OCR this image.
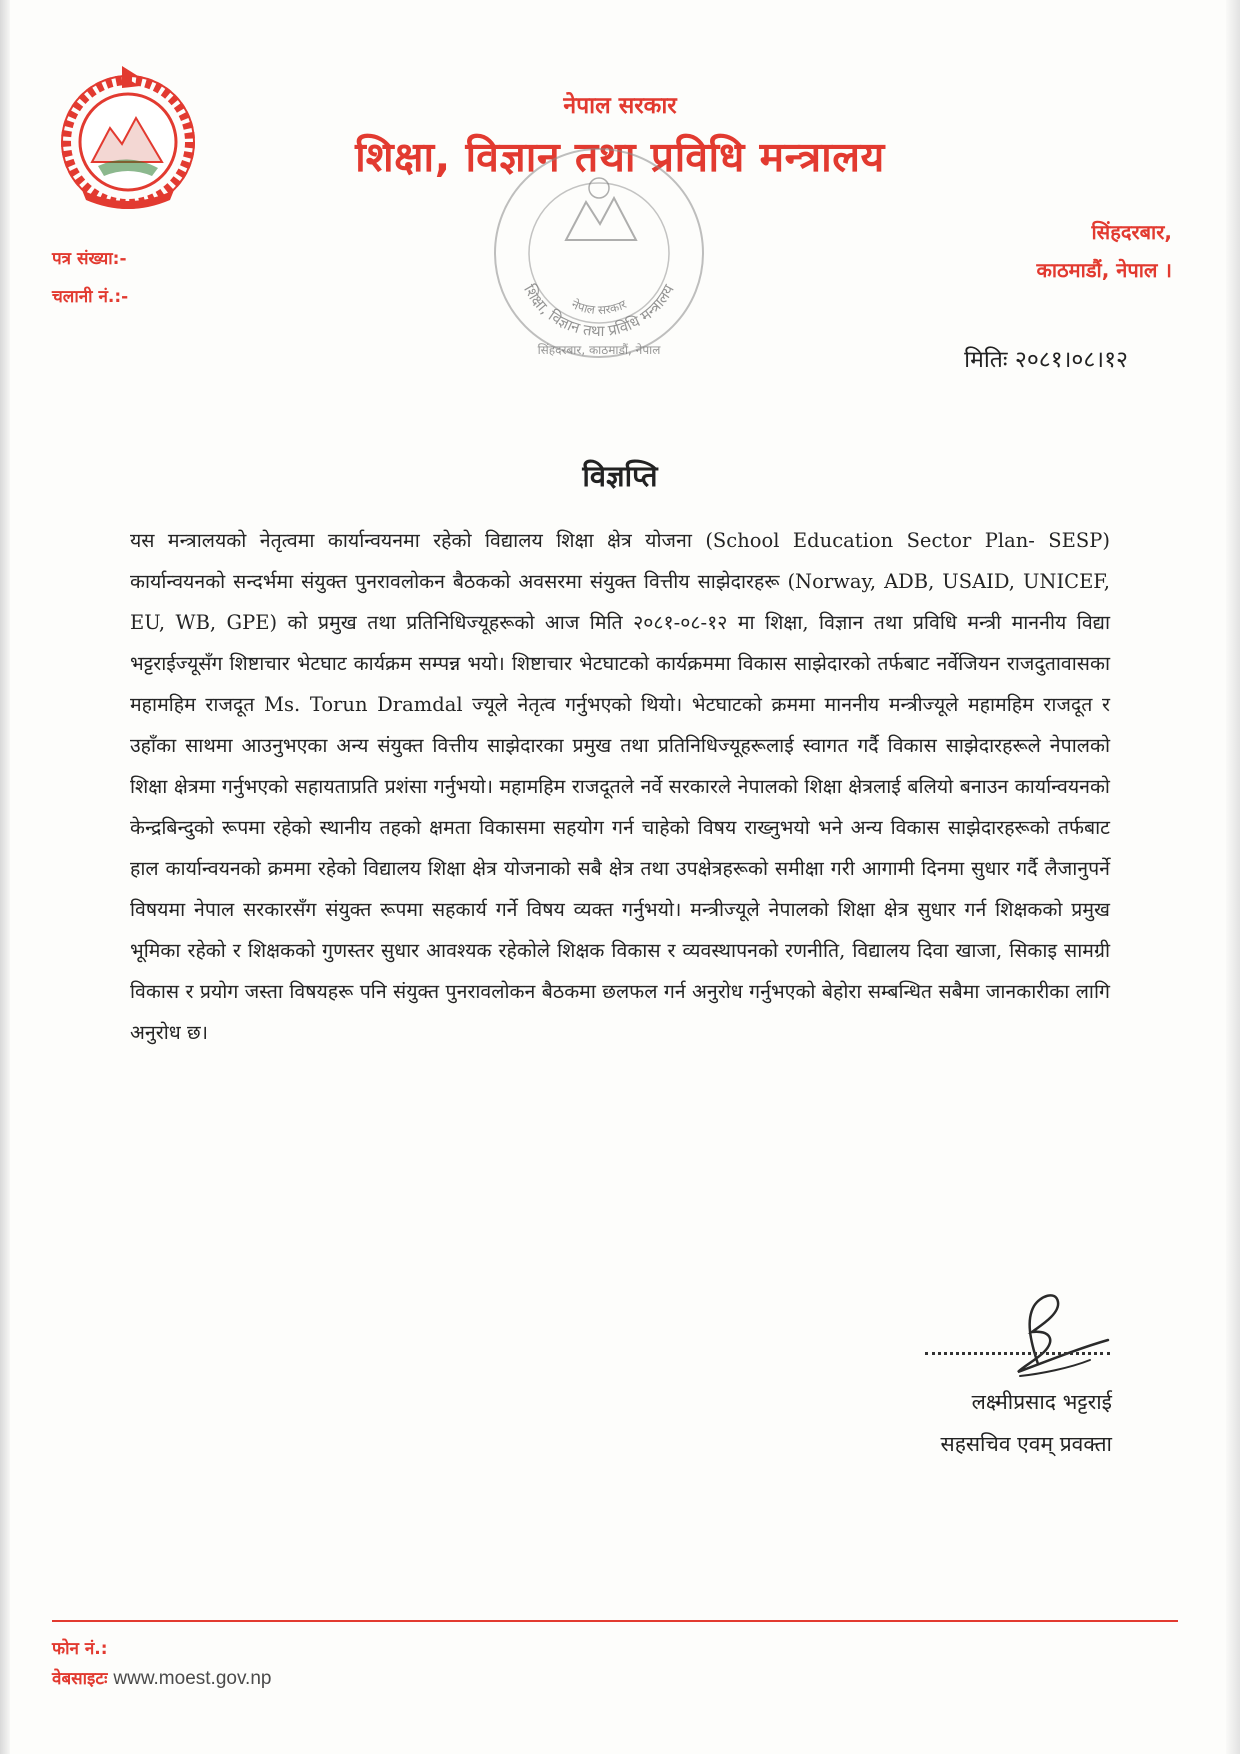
नेपाल सरकार
शिक्षा, विज्ञान तथा प्रविधि मन्त्रालय
पत्र संख्या:-
चलानी नं.:-
सिंहदरबार,
काठमाडौं, नेपाल ।
शिक्षा, विज्ञान तथा प्रविधि मन्त्रालय
नेपाल सरकार
सिंहदरबार, काठमाडौं, नेपाल	मितिः २०८१।०८।१२
विज्ञप्ति
यस मन्त्रालयको नेतृत्वमा कार्यान्वयनमा रहेको विद्यालय शिक्षा क्षेत्र योजना (School Education Sector Plan- SESP) कार्यान्वयनको सन्दर्भमा संयुक्त पुनरावलोकन बैठकको अवसरमा संयुक्त वित्तीय साझेदारहरू (Norway, ADB, USAID, UNICEF, EU, WB, GPE) को प्रमुख तथा प्रतिनिधिज्यूहरूको आज मिति २०८१-०८-१२ मा शिक्षा, विज्ञान तथा प्रविधि मन्त्री माननीय विद्या भट्टराईज्यूसँग शिष्टाचार भेटघाट कार्यक्रम सम्पन्न भयो। शिष्टाचार भेटघाटको कार्यक्रममा विकास साझेदारको तर्फबाट नर्वेजियन राजदुतावासका महामहिम राजदूत Ms. Torun Dramdal ज्यूले नेतृत्व गर्नुभएको थियो। भेटघाटको क्रममा माननीय मन्त्रीज्यूले महामहिम राजदूत र उहाँका साथमा आउनुभएका अन्य संयुक्त वित्तीय साझेदारका प्रमुख तथा प्रतिनिधिज्यूहरूलाई स्वागत गर्दै विकास साझेदारहरूले नेपालको शिक्षा क्षेत्रमा गर्नुभएको सहायताप्रति प्रशंसा गर्नुभयो। महामहिम राजदूतले नर्वे सरकारले नेपालको शिक्षा क्षेत्रलाई बलियो बनाउन कार्यान्वयनको केन्द्रबिन्दुको रूपमा रहेको स्थानीय तहको क्षमता विकासमा सहयोग गर्न चाहेको विषय राख्नुभयो भने अन्य विकास साझेदारहरूको तर्फबाट हाल कार्यान्वयनको क्रममा रहेको विद्यालय शिक्षा क्षेत्र योजनाको सबै क्षेत्र तथा उपक्षेत्रहरूको समीक्षा गरी आगामी दिनमा सुधार गर्दै लैजानुपर्ने विषयमा नेपाल सरकारसँग संयुक्त रूपमा सहकार्य गर्ने विषय व्यक्त गर्नुभयो। मन्त्रीज्यूले नेपालको शिक्षा क्षेत्र सुधार गर्न शिक्षकको प्रमुख भूमिका रहेको र शिक्षकको गुणस्तर सुधार आवश्यक रहेकोले शिक्षक विकास र व्यवस्थापनको रणनीति, विद्यालय दिवा खाजा, सिकाइ सामग्री विकास र प्रयोग जस्ता विषयहरू पनि संयुक्त पुनरावलोकन बैठकमा छलफल गर्न अनुरोध गर्नुभएको बेहोरा सम्बन्धित सबैमा जानकारीका लागि अनुरोध छ।
लक्ष्मीप्रसाद भट्टराई
सहसचिव एवम् प्रवक्ता
फोन नं.:
वेबसाइटः www.moest.gov.np
